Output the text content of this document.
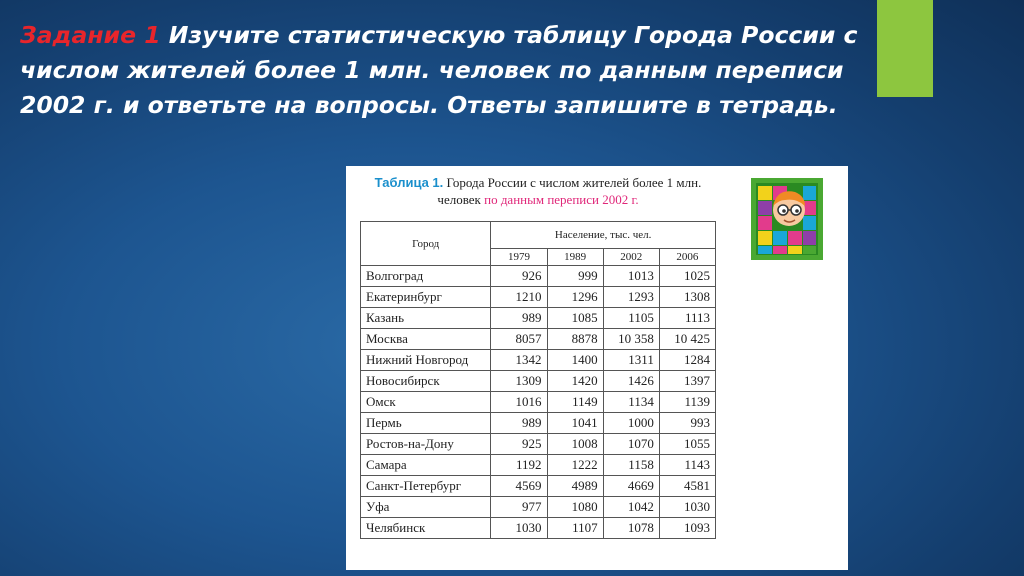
Задание 1 Изучите статистическую таблицу Города России с числом жителей более 1 млн. человек по данным переписи 2002 г. и ответьте на вопросы. Ответы запишите в тетрадь.

Таблица 1. Города России с числом жителей более 1 млн. человек по данным переписи 2002 г.
Город	Население, тыс. чел.			
	1979	1989	2002	2006
Волгоград	926	999	1013	1025
Екатеринбург	1210	1296	1293	1308
Казань	989	1085	1105	1113
Москва	8057	8878	10 358	10 425
Нижний Новгород	1342	1400	1311	1284
Новосибирск	1309	1420	1426	1397
Омск	1016	1149	1134	1139
Пермь	989	1041	1000	993
Ростов-на-Дону	925	1008	1070	1055
Самара	1192	1222	1158	1143
Санкт-Петербург	4569	4989	4669	4581
Уфа	977	1080	1042	1030
Челябинск	1030	1107	1078	1093
